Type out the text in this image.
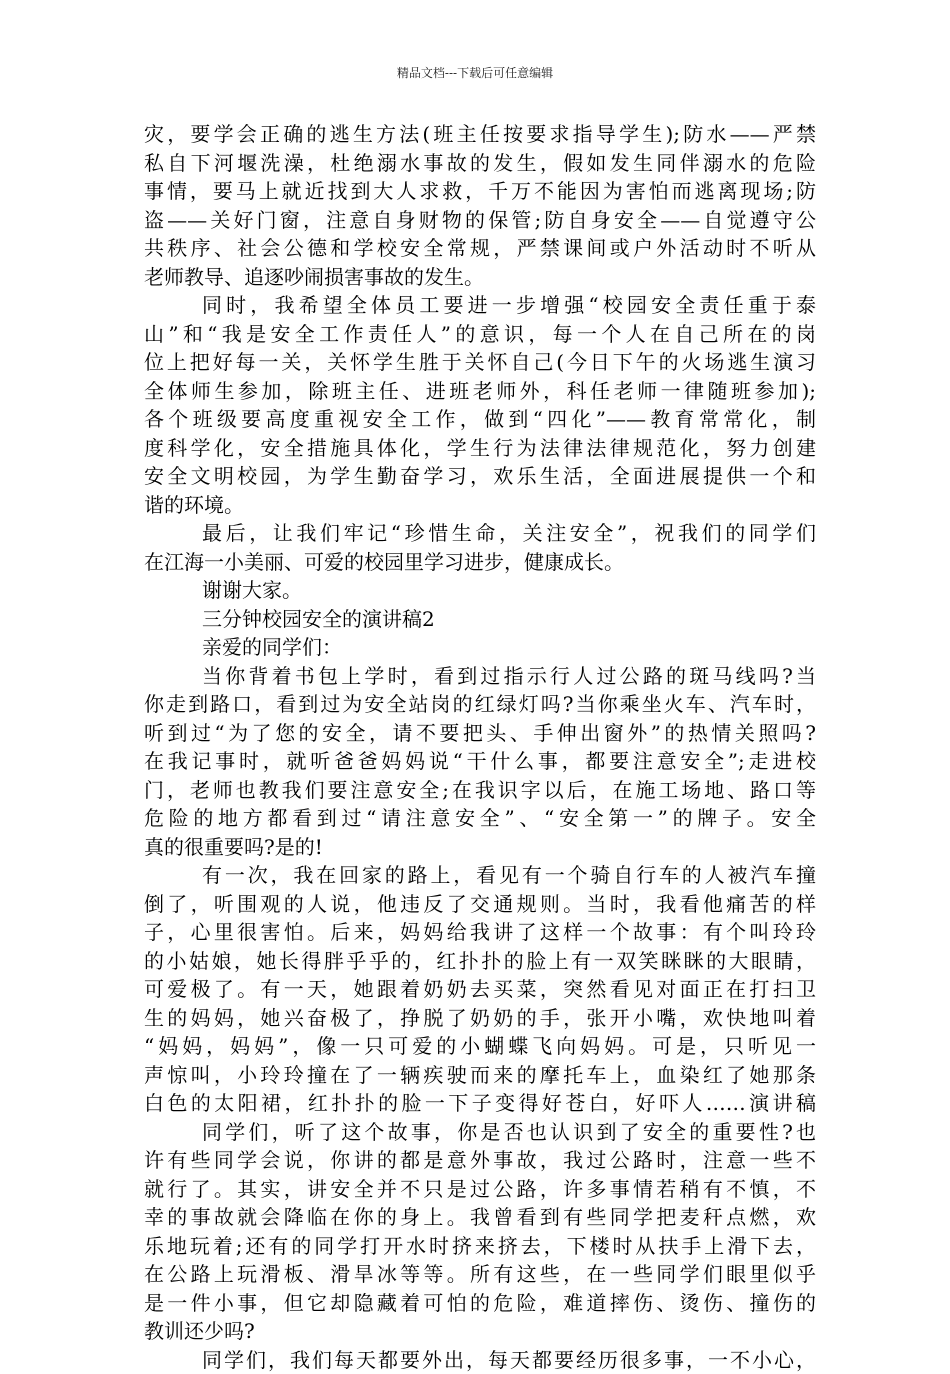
精品文档---下载后可任意编辑
灾，要学会正确的逃生方法(班主任按要求指导学生);防水——严禁
私自下河堰洗澡，杜绝溺水事故的发生，假如发生同伴溺水的危险
事情，要马上就近找到大人求救，千万不能因为害怕而逃离现场;防
盗——关好门窗，注意自身财物的保管;防自身安全——自觉遵守公
共秩序、社会公德和学校安全常规，严禁课间或户外活动时不听从
老师教导、追逐吵闹损害事故的发生。
同时，我希望全体员工要进一步增强“校园安全责任重于泰
山”和“我是安全工作责任人”的意识，每一个人在自己所在的岗
位上把好每一关，关怀学生胜于关怀自己(今日下午的火场逃生演习
全体师生参加，除班主任、进班老师外，科任老师一律随班参加);
各个班级要高度重视安全工作，做到“四化”——教育常常化，制
度科学化，安全措施具体化，学生行为法律法律规范化，努力创建
安全文明校园，为学生勤奋学习，欢乐生活，全面进展提供一个和
谐的环境。
最后，让我们牢记“珍惜生命，关注安全”，祝我们的同学们
在江海一小美丽、可爱的校园里学习进步，健康成长。
谢谢大家。
三分钟校园安全的演讲稿2
亲爱的同学们：
当你背着书包上学时，看到过指示行人过公路的斑马线吗?当
你走到路口，看到过为安全站岗的红绿灯吗?当你乘坐火车、汽车时，
听到过“为了您的安全，请不要把头、手伸出窗外”的热情关照吗?
在我记事时，就听爸爸妈妈说“干什么事，都要注意安全”;走进校
门，老师也教我们要注意安全;在我识字以后，在施工场地、路口等
危险的地方都看到过“请注意安全”、“安全第一”的牌子。安全
真的很重要吗?是的!
有一次，我在回家的路上，看见有一个骑自行车的人被汽车撞
倒了，听围观的人说，他违反了交通规则。当时，我看他痛苦的样
子，心里很害怕。后来，妈妈给我讲了这样一个故事：有个叫玲玲
的小姑娘，她长得胖乎乎的，红扑扑的脸上有一双笑眯眯的大眼睛，
可爱极了。有一天，她跟着奶奶去买菜，突然看见对面正在打扫卫
生的妈妈，她兴奋极了，挣脱了奶奶的手，张开小嘴，欢快地叫着
“妈妈，妈妈”，像一只可爱的小蝴蝶飞向妈妈。可是，只听见一
声惊叫，小玲玲撞在了一辆疾驶而来的摩托车上，血染红了她那条
白色的太阳裙，红扑扑的脸一下子变得好苍白，好吓人……演讲稿
同学们，听了这个故事，你是否也认识到了安全的重要性?也
许有些同学会说，你讲的都是意外事故，我过公路时，注意一些不
就行了。其实，讲安全并不只是过公路，许多事情若稍有不慎，不
幸的事故就会降临在你的身上。我曾看到有些同学把麦秆点燃，欢
乐地玩着;还有的同学打开水时挤来挤去，下楼时从扶手上滑下去，
在公路上玩滑板、滑旱冰等等。所有这些，在一些同学们眼里似乎
是一件小事，但它却隐藏着可怕的危险，难道摔伤、烫伤、撞伤的
教训还少吗?
同学们，我们每天都要外出，每天都要经历很多事，一不小心，
